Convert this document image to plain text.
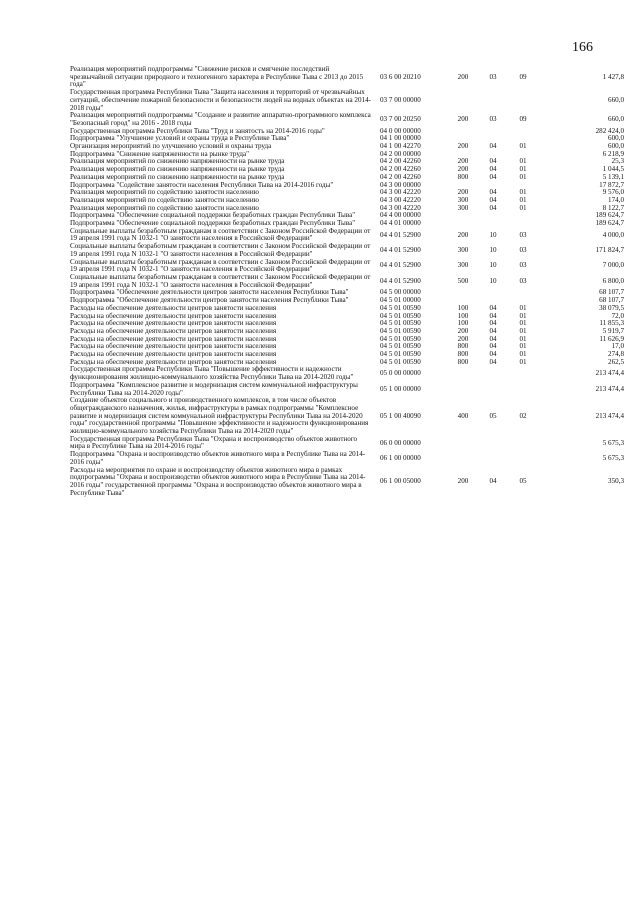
166
Реализация мероприятий подпрограммы "Снижение рисков и смягчение последствий чрезвычайной ситуации природного и техногенного характера в Республике Тыва с 2013 до 2015 года"	03 6 00 20210	200	03	09	1 427,8
Государственная программа Республики Тыва "Защита населения и территорий от чрезвычайных ситуаций, обеспечение пожарной безопасности и безопасности людей на водных объектах на 2014-2018 годы"	03 7 00 00000				660,0
Реализация мероприятий подпрограммы "Создание и развитие аппаратно-программного комплекса "Безопасный город" на 2016 - 2018 годы	03 7 00 20250	200	03	09	660,0
Государственная программа Республики Тыва "Труд и занятость на 2014-2016 годы"	04 0 00 00000				282 424,0
Подпрограмма "Улучшение условий и охраны труда в Республике Тыва"	04 1 00 00000				600,0
Организация мероприятий по улучшению условий и охраны труда	04 1 00 42270	200	04	01	600,0
Подпрограмма "Снижение напряженности на рынке труда"	04 2 00 00000				6 218,9
Реализация мероприятий по снижению напряженности на рынке труда	04 2 00 42260	200	04	01	25,3
Реализация мероприятий по снижению напряженности на рынке труда	04 2 00 42260	200	04	01	1 044,5
Реализация мероприятий по снижению напряженности на рынке труда	04 2 00 42260	800	04	01	5 139,1
Подпрограмма "Содействие занятости населения Республики Тыва на 2014-2016 годы"	04 3 00 00000				17 872,7
Реализация мероприятий по содействию занятости населению	04 3 00 42220	200	04	01	9 576,0
Реализация мероприятий по содействию занятости населению	04 3 00 42220	300	04	01	174,0
Реализация мероприятий по содействию занятости населению	04 3 00 42220	300	04	01	8 122,7
Подпрограмма "Обеспечение социальной поддержки безработных граждан Республики Тыва"	04 4 00 00000				189 624,7
Подпрограмма "Обеспечение социальной поддержки безработных граждан Республики Тыва"	04 4 01 00000				189 624,7
Социальные выплаты безработным гражданам в соответствии с Законом Российской Федерации от 19 апреля 1991 года N 1032-1 "О занятости населения в Российской Федерации"	04 4 01 52900	200	10	03	4 000,0
Социальные выплаты безработным гражданам в соответствии с Законом Российской Федерации от 19 апреля 1991 года N 1032-1 "О занятости населения в Российской Федерации"	04 4 01 52900	300	10	03	171 824,7
Социальные выплаты безработным гражданам в соответствии с Законом Российской Федерации от 19 апреля 1991 года N 1032-1 "О занятости населения в Российской Федерации"	04 4 01 52900	300	10	03	7 000,0
Социальные выплаты безработным гражданам в соответствии с Законом Российской Федерации от 19 апреля 1991 года N 1032-1 "О занятости населения в Российской Федерации"	04 4 01 52900	500	10	03	6 800,0
Подпрограмма "Обеспечение деятельности центров занятости населения Республики Тыва"	04 5 00 00000				68 107,7
Подпрограмма "Обеспечение деятельности центров занятости населения Республики Тыва"	04 5 01 00000				68 107,7
Расходы на обеспечение деятельности центров занятости населения	04 5 01 00590	100	04	01	38 079,5
Расходы на обеспечение деятельности центров занятости населения	04 5 01 00590	100	04	01	72,0
Расходы на обеспечение деятельности центров занятости населения	04 5 01 00590	100	04	01	11 855,3
Расходы на обеспечение деятельности центров занятости населения	04 5 01 00590	200	04	01	5 919,7
Расходы на обеспечение деятельности центров занятости населения	04 5 01 00590	200	04	01	11 626,9
Расходы на обеспечение деятельности центров занятости населения	04 5 01 00590	800	04	01	17,0
Расходы на обеспечение деятельности центров занятости населения	04 5 01 00590	800	04	01	274,8
Расходы на обеспечение деятельности центров занятости населения	04 5 01 00590	800	04	01	262,5
Государственная программа Республики Тыва "Повышение эффективности и надежности функционирования жилищно-коммунального хозяйства Республики Тыва на 2014-2020 годы"	05 0 00 00000				213 474,4
Подпрограмма "Комплексное развитие и модернизация систем коммунальной инфраструктуры Республики Тыва на 2014-2020 годы"	05 1 00 00000				213 474,4
Создание объектов социального и производственного комплексов, в том числе объектов общегражданского назначения, жилья, инфраструктуры в рамках подпрограммы "Комплексное развитие и модернизация систем коммунальной инфраструктуры Республики Тыва на 2014-2020 годы" государственной программы "Повышение эффективности и надежности функционирования жилищно-коммунального хозяйства Республики Тыва на 2014-2020 годы"	05 1 00 40090	400	05	02	213 474,4
Государственная программа Республики Тыва "Охрана и воспроизводство объектов животного мира в Республике Тыва на 2014-2016 годы"	06 0 00 00000				5 675,3
Подпрограмма "Охрана и воспроизводство объектов животного мира в Республике Тыва на 2014-2016 годы"	06 1 00 00000				5 675,3
Расходы на мероприятия по охране и воспроизводству объектов животного мира в рамках подпрограммы "Охрана и воспроизводство объектов животного мира в Республике Тыва на 2014-2016 годы" государственной программы "Охрана и воспроизводство объектов животного мира в Республике Тыва"	06 1 00 05000	200	04	05	350,3
